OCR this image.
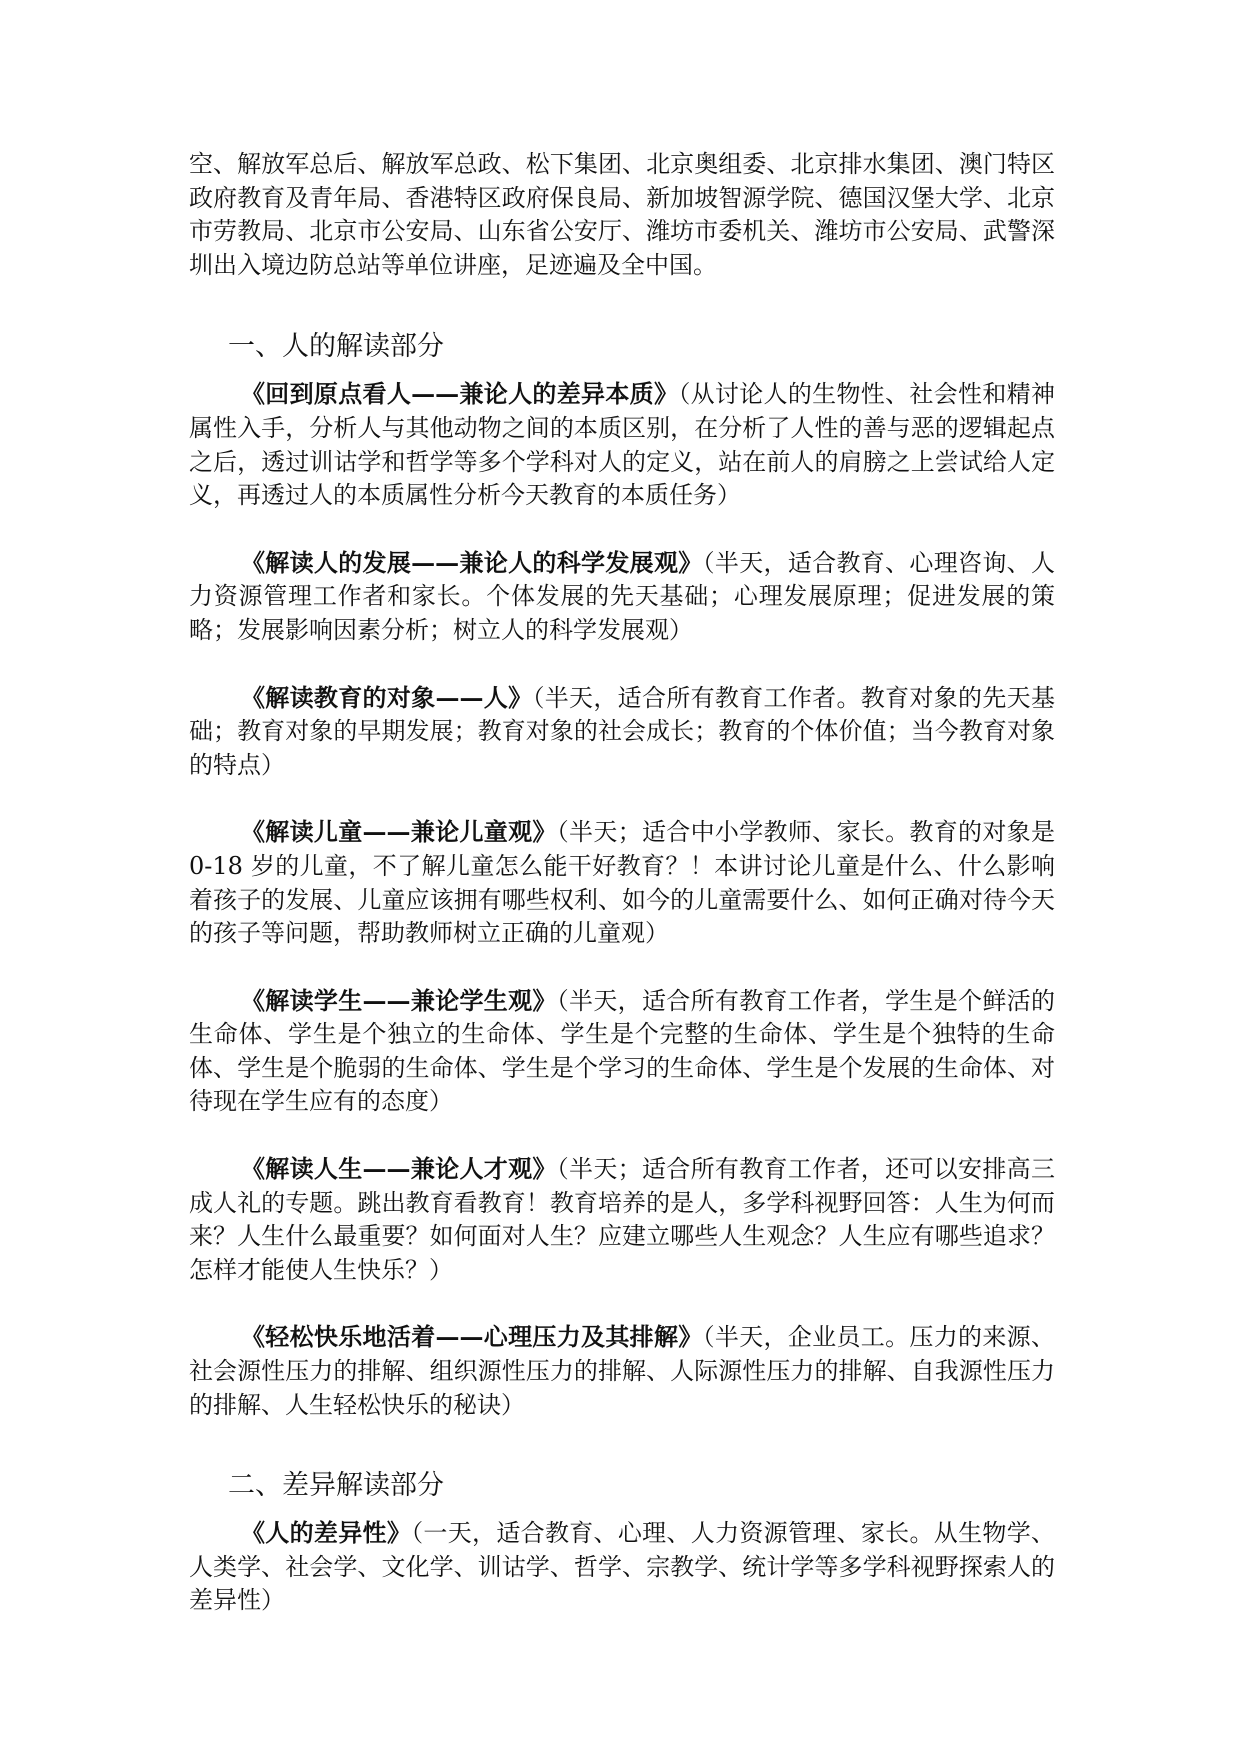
空、解放军总后、解放军总政、松下集团、北京奥组委、北京排水集团、澳门特区政府教育及青年局、香港特区政府保良局、新加坡智源学院、德国汉堡大学、北京市劳教局、北京市公安局、山东省公安厅、潍坊市委机关、潍坊市公安局、武警深圳出入境边防总站等单位讲座，足迹遍及全中国。

一、人的解读部分

《回到原点看人——兼论人的差异本质》（从讨论人的生物性、社会性和精神属性入手，分析人与其他动物之间的本质区别，在分析了人性的善与恶的逻辑起点之后，透过训诂学和哲学等多个学科对人的定义，站在前人的肩膀之上尝试给人定义，再透过人的本质属性分析今天教育的本质任务）

《解读人的发展——兼论人的科学发展观》（半天，适合教育、心理咨询、人力资源管理工作者和家长。个体发展的先天基础；心理发展原理；促进发展的策略；发展影响因素分析；树立人的科学发展观）

《解读教育的对象——人》（半天，适合所有教育工作者。教育对象的先天基础；教育对象的早期发展；教育对象的社会成长；教育的个体价值；当今教育对象的特点）

《解读儿童——兼论儿童观》（半天；适合中小学教师、家长。教育的对象是 0-18 岁的儿童，不了解儿童怎么能干好教育？！本讲讨论儿童是什么、什么影响着孩子的发展、儿童应该拥有哪些权利、如今的儿童需要什么、如何正确对待今天的孩子等问题，帮助教师树立正确的儿童观）

《解读学生——兼论学生观》（半天，适合所有教育工作者，学生是个鲜活的生命体、学生是个独立的生命体、学生是个完整的生命体、学生是个独特的生命体、学生是个脆弱的生命体、学生是个学习的生命体、学生是个发展的生命体、对待现在学生应有的态度）

《解读人生——兼论人才观》（半天；适合所有教育工作者，还可以安排高三成人礼的专题。跳出教育看教育！教育培养的是人，多学科视野回答：人生为何而来？人生什么最重要？如何面对人生？应建立哪些人生观念？人生应有哪些追求？怎样才能使人生快乐？）

《轻松快乐地活着——心理压力及其排解》（半天，企业员工。压力的来源、社会源性压力的排解、组织源性压力的排解、人际源性压力的排解、自我源性压力的排解、人生轻松快乐的秘诀）

二、差异解读部分

《人的差异性》（一天，适合教育、心理、人力资源管理、家长。从生物学、人类学、社会学、文化学、训诂学、哲学、宗教学、统计学等多学科视野探索人的差异性）
